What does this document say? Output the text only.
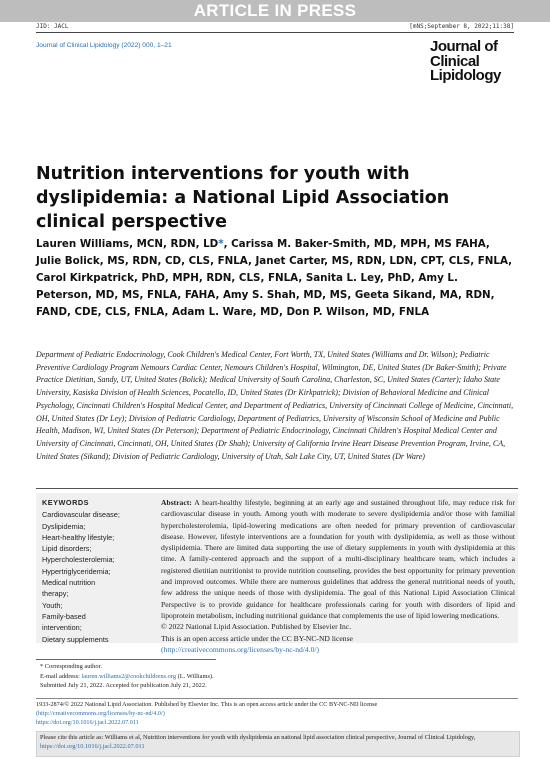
ARTICLE IN PRESS
JID: JACL	[mNS;September 8, 2022;11:38]
Journal of Clinical Lipidology (2022) 000, 1–21	Journal of
Clinical
Lipidology
Nutrition interventions for youth with dyslipidemia: a National Lipid Association clinical perspective
Lauren Williams, MCN, RDN, LD*, Carissa M. Baker-Smith, MD, MPH, MS FAHA, Julie Bolick, MS, RDN, CD, CLS, FNLA, Janet Carter, MS, RDN, LDN, CPT, CLS, FNLA, Carol Kirkpatrick, PhD, MPH, RDN, CLS, FNLA, Sanita L. Ley, PhD, Amy L. Peterson, MD, MS, FNLA, FAHA, Amy S. Shah, MD, MS, Geeta Sikand, MA, RDN, FAND, CDE, CLS, FNLA, Adam L. Ware, MD, Don P. Wilson, MD, FNLA
Department of Pediatric Endocrinology, Cook Children's Medical Center, Fort Worth, TX, United States (Williams and Dr. Wilson); Pediatric Preventive Cardiology Program Nemours Cardiac Center, Nemours Children's Hospital, Wilmington, DE, United States (Dr Baker-Smith); Private Practice Dietitian, Sandy, UT, United States (Bolick); Medical University of South Carolina, Charleston, SC, United States (Carter); Idaho State University, Kasiska Division of Health Sciences, Pocatello, ID, United States (Dr Kirkpatrick); Division of Behavioral Medicine and Clinical Psychology, Cincinnati Children's Hospital Medical Center, and Department of Pediatrics, University of Cincinnati College of Medicine, Cincinnati, OH, United States (Dr Ley); Division of Pediatric Cardiology, Department of Pediatrics, University of Wisconsin School of Medicine and Public Health, Madison, WI, United States (Dr Peterson); Department of Pediatric Endocrinology, Cincinnati Children's Hospital Medical Center and University of Cincinnati, Cincinnati, OH, United States (Dr Shah); University of California Irvine Heart Disease Prevention Program, Irvine, CA, United States (Sikand); Division of Pediatric Cardiology, University of Utah, Salt Lake City, UT, United States (Dr Ware)
KEYWORDS
Cardiovascular disease;
Dyslipidemia;
Heart-healthy lifestyle;
Lipid disorders;
Hypercholesterolemia;
Hypertriglyceridemia;
Medical nutrition
therapy;
Youth;
Family-based
intervention;
Dietary supplements
Abstract: A heart-healthy lifestyle, beginning at an early age and sustained throughout life, may reduce risk for cardiovascular disease in youth. Among youth with moderate to severe dyslipidemia and/or those with familial hypercholesterolemia, lipid-lowering medications are often needed for primary prevention of cardiovascular disease. However, lifestyle interventions are a foundation for youth with dyslipidemia, as well as those without dyslipidemia. There are limited data supporting the use of dietary supplements in youth with dyslipidemia at this time. A family-centered approach and the support of a multi-disciplinary healthcare team, which includes a registered dietitian nutritionist to provide nutrition counseling, provides the best opportunity for primary prevention and improved outcomes. While there are numerous guidelines that address the general nutritional needs of youth, few address the unique needs of those with dyslipidemia. The goal of this National Lipid Association Clinical Perspective is to provide guidance for healthcare professionals caring for youth with disorders of lipid and lipoprotein metabolism, including nutritional guidance that complements the use of lipid lowering medications.
© 2022 National Lipid Association. Published by Elsevier Inc.
This is an open access article under the CC BY-NC-ND license
(http://creativecommons.org/licenses/by-nc-nd/4.0/)
* Corresponding author.
E-mail address: lauren.williams2@cookchildrens.org (L. Williams).
Submitted July 21, 2022. Accepted for publication July 21, 2022.
1933-2874/© 2022 National Lipid Association. Published by Elsevier Inc. This is an open access article under the CC BY-NC-ND license
(http://creativecommons.org/licenses/by-nc-nd/4.0/)
https://doi.org/10.1016/j.jacl.2022.07.011
Please cite this article as: Williams et al, Nutrition interventions for youth with dyslipidemia an national lipid association clinical perspective, Journal of Clinical Lipidology, https://doi.org/10.1016/j.jacl.2022.07.011
